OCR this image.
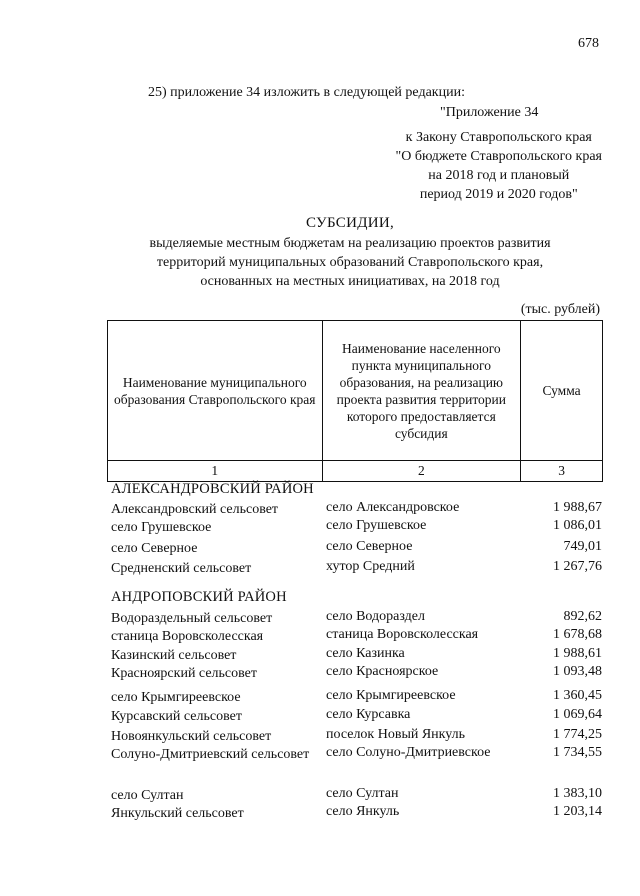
678
25) приложение 34 изложить в следующей редакции:
"Приложение 34
к Закону Ставропольского края
"О бюджете Ставропольского края
на 2018 год и плановый
период 2019 и 2020 годов"
СУБСИДИИ,
выделяемые местным бюджетам на реализацию проектов развития
территорий муниципальных образований Ставропольского края,
основанных на местных инициативах, на 2018 год
(тыс. рублей)
Наименование муниципального образования Ставропольского края	Наименование населенного пункта муниципального образования, на реализацию проекта развития территории которого предоставляется субсидия	Сумма
1	2	3
АЛЕКСАНДРОВСКИЙ РАЙОН
Александровский сельсовет	село Александровское	1 988,67
село Грушевское	село Грушевское	1 086,01
село Северное	село Северное	749,01
Средненский сельсовет	хутор Средний	1 267,76
АНДРОПОВСКИЙ РАЙОН
Водораздельный сельсовет	село Водораздел	892,62
станица Воровсколесская	станица Воровсколесская	1 678,68
Казинский сельсовет	село Казинка	1 988,61
Красноярский сельсовет	село Красноярское	1 093,48
село Крымгиреевское	село Крымгиреевское	1 360,45
Курсавский сельсовет	село Курсавка	1 069,64
Новоянкульский сельсовет	поселок Новый Янкуль	1 774,25
Солуно-Дмитриевский сельсовет	село Солуно-Дмитриевское	1 734,55
село Султан	село Султан	1 383,10
Янкульский сельсовет	село Янкуль	1 203,14
